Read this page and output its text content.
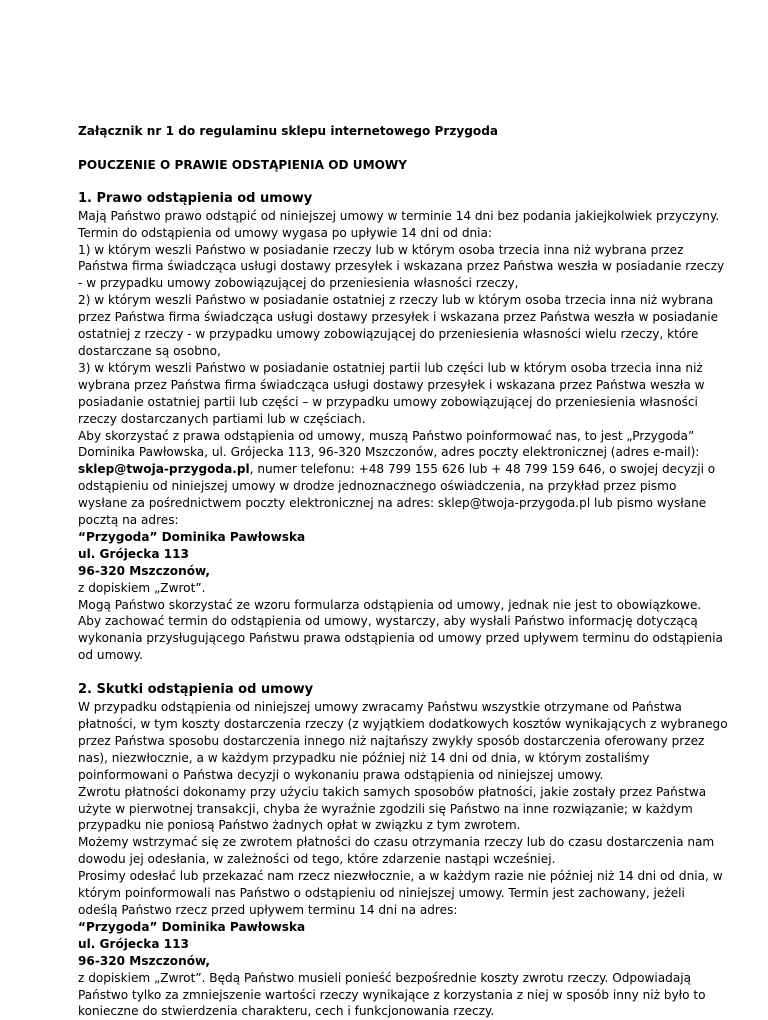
Załącznik nr 1 do regulaminu sklepu internetowego Przygoda

POUCZENIE O PRAWIE ODSTĄPIENIA OD UMOWY

1. Prawo odstąpienia od umowy

Mają Państwo prawo odstąpić od niniejszej umowy w terminie 14 dni bez podania jakiejkolwiek przyczyny.

Termin do odstąpienia od umowy wygasa po upływie 14 dni od dnia:

1) w którym weszli Państwo w posiadanie rzeczy lub w którym osoba trzecia inna niż wybrana przez Państwa firma świadcząca usługi dostawy przesyłek i wskazana przez Państwa weszła w posiadanie rzeczy - w przypadku umowy zobowiązującej do przeniesienia własności rzeczy,

2) w którym weszli Państwo w posiadanie ostatniej z rzeczy lub w którym osoba trzecia inna niż wybrana przez Państwa firma świadcząca usługi dostawy przesyłek i wskazana przez Państwa weszła w posiadanie ostatniej z rzeczy - w przypadku umowy zobowiązującej do przeniesienia własności wielu rzeczy, które dostarczane są osobno,

3) w którym weszli Państwo w posiadanie ostatniej partii lub części lub w którym osoba trzecia inna niż wybrana przez Państwa firma świadcząca usługi dostawy przesyłek i wskazana przez Państwa weszła w posiadanie ostatniej partii lub części – w przypadku umowy zobowiązującej do przeniesienia własności rzeczy dostarczanych partiami lub w częściach.

Aby skorzystać z prawa odstąpienia od umowy, muszą Państwo poinformować nas, to jest „Przygoda” Dominika Pawłowska, ul. Grójecka 113, 96-320 Mszczonów, adres poczty elektronicznej (adres e-mail): sklep@twoja-przygoda.pl, numer telefonu: +48 799 155 626 lub + 48 799 159 646, o swojej decyzji o odstąpieniu od niniejszej umowy w drodze jednoznacznego oświadczenia, na przykład przez pismo wysłane za pośrednictwem poczty elektronicznej na adres: sklep@twoja-przygoda.pl lub pismo wysłane pocztą na adres:

“Przygoda” Dominika Pawłowska

ul. Grójecka 113

96-320 Mszczonów,

z dopiskiem „Zwrot”.

Mogą Państwo skorzystać ze wzoru formularza odstąpienia od umowy, jednak nie jest to obowiązkowe.

Aby zachować termin do odstąpienia od umowy, wystarczy, aby wysłali Państwo informację dotyczącą wykonania przysługującego Państwu prawa odstąpienia od umowy przed upływem terminu do odstąpienia od umowy.

2. Skutki odstąpienia od umowy

W przypadku odstąpienia od niniejszej umowy zwracamy Państwu wszystkie otrzymane od Państwa płatności, w tym koszty dostarczenia rzeczy (z wyjątkiem dodatkowych kosztów wynikających z wybranego przez Państwa sposobu dostarczenia innego niż najtańszy zwykły sposób dostarczenia oferowany przez nas), niezwłocznie, a w każdym przypadku nie później niż 14 dni od dnia, w którym zostaliśmy poinformowani o Państwa decyzji o wykonaniu prawa odstąpienia od niniejszej umowy.

Zwrotu płatności dokonamy przy użyciu takich samych sposobów płatności, jakie zostały przez Państwa użyte w pierwotnej transakcji, chyba że wyraźnie zgodzili się Państwo na inne rozwiązanie; w każdym przypadku nie poniosą Państwo żadnych opłat w związku z tym zwrotem.

Możemy wstrzymać się ze zwrotem płatności do czasu otrzymania rzeczy lub do czasu dostarczenia nam dowodu jej odesłania, w zależności od tego, które zdarzenie nastąpi wcześniej.

Prosimy odesłać lub przekazać nam rzecz niezwłocznie, a w każdym razie nie później niż 14 dni od dnia, w którym poinformowali nas Państwo o odstąpieniu od niniejszej umowy. Termin jest zachowany, jeżeli odeślą Państwo rzecz przed upływem terminu 14 dni na adres:

“Przygoda” Dominika Pawłowska

ul. Grójecka 113

96-320 Mszczonów,

z dopiskiem „Zwrot”. Będą Państwo musieli ponieść bezpośrednie koszty zwrotu rzeczy. Odpowiadają Państwo tylko za zmniejszenie wartości rzeczy wynikające z korzystania z niej w sposób inny niż było to konieczne do stwierdzenia charakteru, cech i funkcjonowania rzeczy.
